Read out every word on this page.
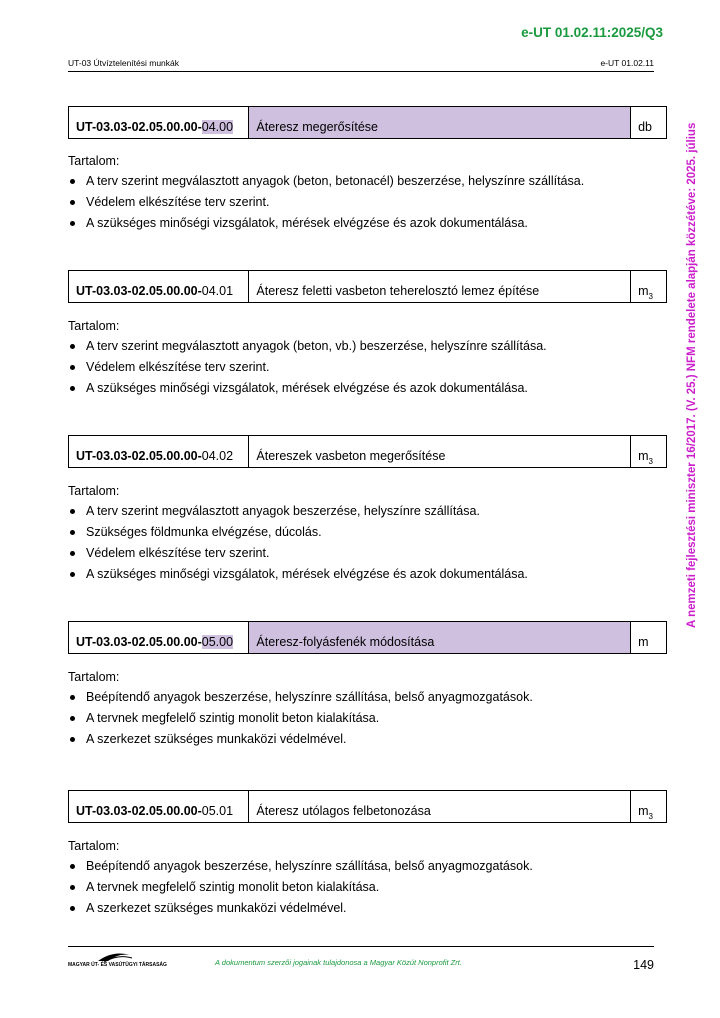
e-UT 01.02.11:2025/Q3
UT-03 Útvíztelenítési munkák	e-UT 01.02.11
A nemzeti fejlesztési miniszter 16/2017. (V. 25.) NFM rendelete alapján közzétéve: 2025. július
UT-03.03-02.05.00.00- 04.00	Áteresz megerősítése	db
Tartalom:
A terv szerint megválasztott anyagok (beton, betonacél) beszerzése, helyszínre szállítása.
Védelem elkészítése terv szerint.
A szükséges minőségi vizsgálatok, mérések elvégzése és azok dokumentálása.
UT-03.03-02.05.00.00- 04.01	Áteresz feletti vasbeton teherelosztó lemez építése	$m^3$
Tartalom:
A terv szerint megválasztott anyagok (beton, vb.) beszerzése, helyszínre szállítása.
Védelem elkészítése terv szerint.
A szükséges minőségi vizsgálatok, mérések elvégzése és azok dokumentálása.
UT-03.03-02.05.00.00- 04.02	Átereszek vasbeton megerősítése	$m^3$
Tartalom:
A terv szerint megválasztott anyagok beszerzése, helyszínre szállítása.
Szükséges földmunka elvégzése, dúcolás.
Védelem elkészítése terv szerint.
A szükséges minőségi vizsgálatok, mérések elvégzése és azok dokumentálása.
UT-03.03-02.05.00.00- 05.00	Áteresz-folyásfenék módosítása	m
Tartalom:
Beépítendő anyagok beszerzése, helyszínre szállítása, belső anyagmozgatások.
A tervnek megfelelő szintig monolit beton kialakítása.
A szerkezet szükséges munkaközi védelmével.
UT-03.03-02.05.00.00- 05.01	Áteresz utólagos felbetonozása	$m^3$
Tartalom:
Beépítendő anyagok beszerzése, helyszínre szállítása, belső anyagmozgatások.
A tervnek megfelelő szintig monolit beton kialakítása.
A szerkezet szükséges munkaközi védelmével.
MAGYAR ÚT- ÉS VASÚTÜGYI TÁRSASÁG	A dokumentum szerzői jogainak tulajdonosa a Magyar Közút Nonprofit Zrt.	149
